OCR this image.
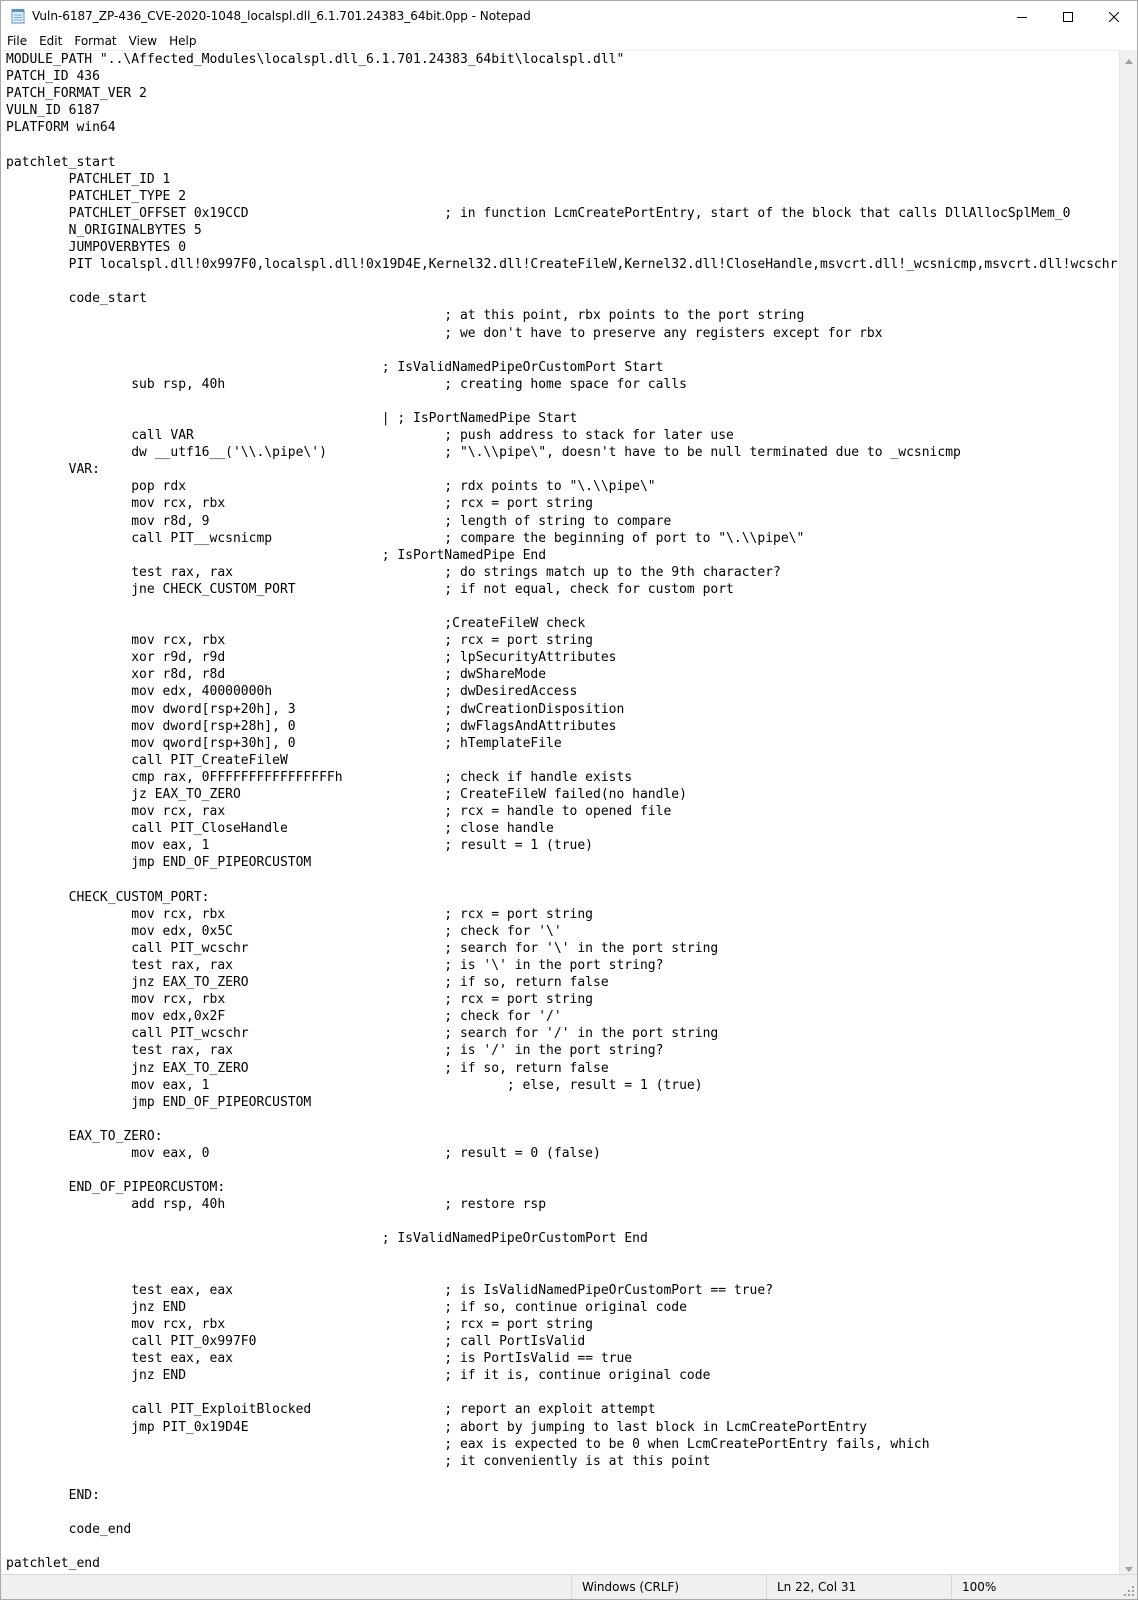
Vuln-6187_ZP-436_CVE-2020-1048_localspl.dll_6.1.701.24383_64bit.0pp - Notepad
File	Edit	Format	View	Help
MODULE_PATH "..\Affected_Modules\localspl.dll_6.1.701.24383_64bit\localspl.dll"
PATCH_ID 436
PATCH_FORMAT_VER 2
VULN_ID 6187
PLATFORM win64

patchlet_start
	PATCHLET_ID 1
	PATCHLET_TYPE 2
	PATCHLET_OFFSET 0x19CCD				; in function LcmCreatePortEntry, start of the block that calls DllAllocSplMem_0
	N_ORIGINALBYTES 5
	JUMPOVERBYTES 0
	PIT localspl.dll!0x997F0,localspl.dll!0x19D4E,Kernel32.dll!CreateFileW,Kernel32.dll!CloseHandle,msvcrt.dll!_wcsnicmp,msvcrt.dll!wcschr

	code_start
							; at this point, rbx points to the port string
							; we don't have to preserve any registers except for rbx

						; IsValidNamedPipeOrCustomPort Start
		sub rsp, 40h				; creating home space for calls

						| ; IsPortNamedPipe Start
		call VAR				; push address to stack for later use
		dw __utf16__('\\.\pipe\')		; "\.\\pipe\", doesn't have to be null terminated due to _wcsnicmp
	VAR:
		pop rdx					; rdx points to "\.\\pipe\"
		mov rcx, rbx				; rcx = port string
		mov r8d, 9				; length of string to compare
		call PIT__wcsnicmp			; compare the beginning of port to "\.\\pipe\"
						; IsPortNamedPipe End
		test rax, rax				; do strings match up to the 9th character?
		jne CHECK_CUSTOM_PORT			; if not equal, check for custom port

							;CreateFileW check
		mov rcx, rbx				; rcx = port string
		xor r9d, r9d				; lpSecurityAttributes
		xor r8d, r8d				; dwShareMode
		mov edx, 40000000h			; dwDesiredAccess
		mov dword[rsp+20h], 3			; dwCreationDisposition
		mov dword[rsp+28h], 0			; dwFlagsAndAttributes
		mov qword[rsp+30h], 0			; hTemplateFile
		call PIT_CreateFileW
		cmp rax, 0FFFFFFFFFFFFFFFFh		; check if handle exists
		jz EAX_TO_ZERO				; CreateFileW failed(no handle)
		mov rcx, rax				; rcx = handle to opened file
		call PIT_CloseHandle			; close handle
		mov eax, 1				; result = 1 (true)
		jmp END_OF_PIPEORCUSTOM

	CHECK_CUSTOM_PORT:
		mov rcx, rbx				; rcx = port string
		mov edx, 0x5C				; check for '\'
		call PIT_wcschr				; search for '\' in the port string
		test rax, rax				; is '\' in the port string?
		jnz EAX_TO_ZERO				; if so, return false
		mov rcx, rbx				; rcx = port string
		mov edx,0x2F				; check for '/'
		call PIT_wcschr				; search for '/' in the port string
		test rax, rax				; is '/' in the port string?
		jnz EAX_TO_ZERO				; if so, return false
		mov eax, 1					; else, result = 1 (true)
		jmp END_OF_PIPEORCUSTOM

	EAX_TO_ZERO:
		mov eax, 0				; result = 0 (false)

	END_OF_PIPEORCUSTOM:
		add rsp, 40h				; restore rsp

						; IsValidNamedPipeOrCustomPort End

		test eax, eax				; is IsValidNamedPipeOrCustomPort == true?
		jnz END					; if so, continue original code
		mov rcx, rbx				; rcx = port string
		call PIT_0x997F0			; call PortIsValid
		test eax, eax				; is PortIsValid == true
		jnz END					; if it is, continue original code

		call PIT_ExploitBlocked			; report an exploit attempt
		jmp PIT_0x19D4E				; abort by jumping to last block in LcmCreatePortEntry
							; eax is expected to be 0 when LcmCreatePortEntry fails, which
							; it conveniently is at this point

	END:

	code_end

patchlet_end
Windows (CRLF)	Ln 22, Col 31	100%
